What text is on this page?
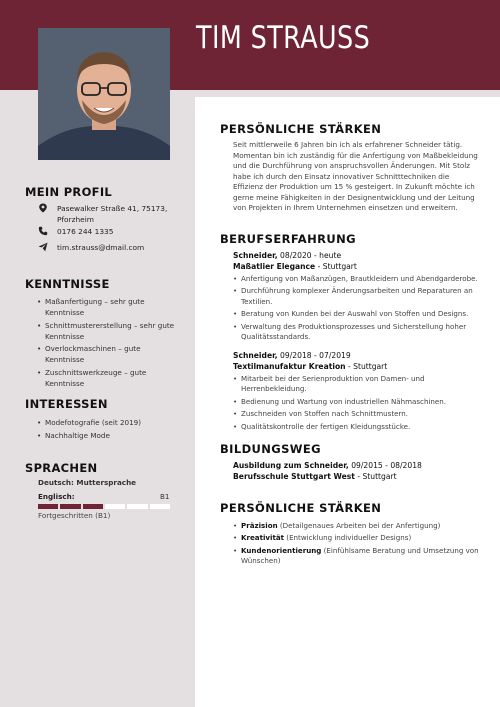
TIM STRAUSS
MEIN PROFIL
Pasewalker Straße 41, 75173, Pforzheim
0176 244 1335
tim.strauss@dmail.com
KENNTNISSE
• Maßanfertigung – sehr gute Kenntnisse
• Schnittmustererstellung – sehr gute Kenntnisse
• Overlockmaschinen – gute Kenntnisse
• Zuschnittswerkzeuge – gute Kenntnisse
INTERESSEN
• Modefotografie (seit 2019)
• Nachhaltige Mode
SPRACHEN
Deutsch: Muttersprache
Englisch:	B1
Fortgeschritten (B1)
PERSÖNLICHE STÄRKEN
Seit mittlerweile 6 Jahren bin ich als erfahrener Schneider tätig. Momentan bin ich zuständig für die Anfertigung von Maßbekleidung und die Durchführung von anspruchsvollen Änderungen. Mit Stolz habe ich durch den Einsatz innovativer Schnitttechniken die Effizienz der Produktion um 15 % gesteigert. In Zukunft möchte ich gerne meine Fähigkeiten in der Designentwicklung und der Leitung von Projekten in Ihrem Unternehmen einsetzen und erweitern.
BERUFSERFAHRUNG
Schneider, 08/2020 - heute
Maßatlier Elegance - Stuttgart
• Anfertigung von Maßanzügen, Brautkleidern und Abendgarderobe.
• Durchführung komplexer Änderungsarbeiten und Reparaturen an Textilien.
• Beratung von Kunden bei der Auswahl von Stoffen und Designs.
• Verwaltung des Produktionsprozesses und Sicherstellung hoher Qualitätsstandards.
Schneider, 09/2018 - 07/2019
Textilmanufaktur Kreation - Stuttgart
• Mitarbeit bei der Serienproduktion von Damen- und Herrenbekleidung.
• Bedienung und Wartung von industriellen Nähmaschinen.
• Zuschneiden von Stoffen nach Schnittmustern.
• Qualitätskontrolle der fertigen Kleidungsstücke.
BILDUNGSWEG
Ausbildung zum Schneider, 09/2015 - 08/2018
Berufsschule Stuttgart West - Stuttgart
PERSÖNLICHE STÄRKEN
• Präzision (Detailgenaues Arbeiten bei der Anfertigung)
• Kreativität (Entwicklung individueller Designs)
• Kundenorientierung (Einfühlsame Beratung und Umsetzung von Wünschen)
